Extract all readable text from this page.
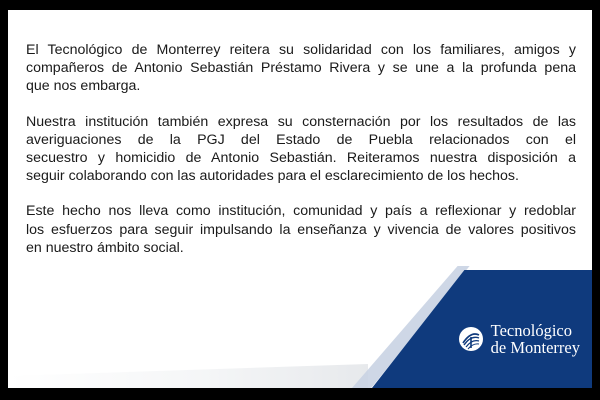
El Tecnológico de Monterrey reitera su solidaridad con los familiares, amigos y
compañeros de Antonio Sebastián Préstamo Rivera y se une a la profunda pena
que nos embarga.

Nuestra institución también expresa su consternación por los resultados de las
averiguaciones de la PGJ del Estado de Puebla relacionados con el
secuestro y homicidio de Antonio Sebastián. Reiteramos nuestra disposición a
seguir colaborando con las autoridades para el esclarecimiento de los hechos.

Este hecho nos lleva como institución, comunidad y país a reflexionar y redoblar
los esfuerzos para seguir impulsando la enseñanza y vivencia de valores positivos
en nuestro ámbito social.

Tecnológico
de Monterrey
